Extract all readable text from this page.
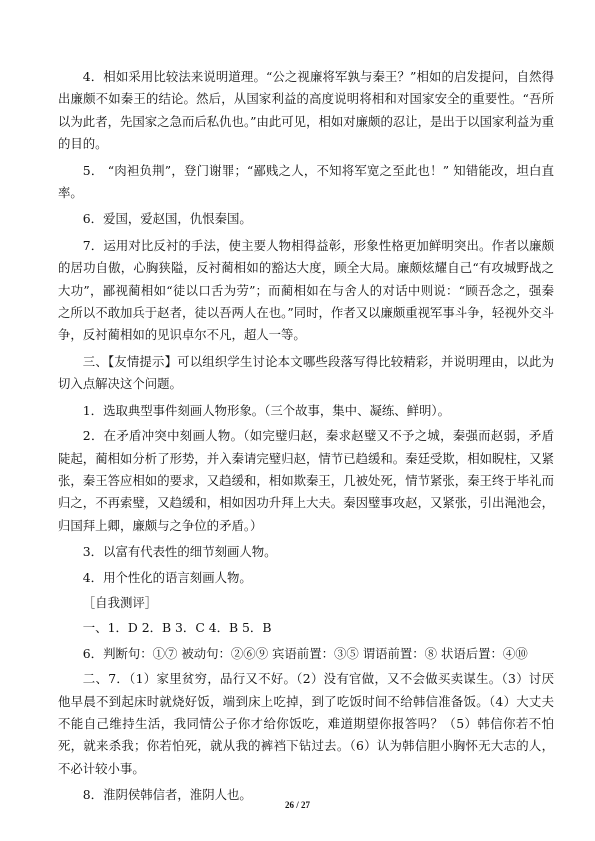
4．相如采用比较法来说明道理。“公之视廉将军孰与秦王？”相如的启发提问，自然得出廉颇不如秦王的结论。然后，从国家利益的高度说明将相和对国家安全的重要性。“吾所以为此者，先国家之急而后私仇也。”由此可见，相如对廉颇的忍让，是出于以国家利益为重的目的。

5． “肉袒负荆”，登门谢罪；“鄙贱之人，不知将军宽之至此也！” 知错能改，坦白直率。

6．爱国，爱赵国，仇恨秦国。

7．运用对比反衬的手法，使主要人物相得益彰，形象性格更加鲜明突出。作者以廉颇的居功自傲，心胸狭隘，反衬蔺相如的豁达大度，顾全大局。廉颇炫耀自己“有攻城野战之大功”，鄙视蔺相如“徒以口舌为劳”；而蔺相如在与舍人的对话中则说：“顾吾念之，强秦之所以不敢加兵于赵者，徒以吾两人在也。”同时，作者又以廉颇重视军事斗争，轻视外交斗争，反衬蔺相如的见识卓尔不凡，超人一等。

三、【友情提示】可以组织学生讨论本文哪些段落写得比较精彩，并说明理由，以此为切入点解决这个问题。

1．选取典型事件刻画人物形象。（三个故事，集中、凝练、鲜明）。

2．在矛盾冲突中刻画人物。（如完璧归赵，秦求赵璧又不予之城，秦强而赵弱，矛盾陡起，蔺相如分析了形势，并入秦请完璧归赵，情节已趋缓和。秦廷受欺，相如睨柱，又紧张，秦王答应相如的要求，又趋缓和，相如欺秦王，几被处死，情节紧张，秦王终于毕礼而归之，不再索璧，又趋缓和，相如因功升拜上大夫。秦因璧事攻赵，又紧张，引出渑池会，归国拜上卿，廉颇与之争位的矛盾。）

3．以富有代表性的细节刻画人物。

4．用个性化的语言刻画人物。

［自我测评］

一、1．D 2．B 3．C 4．B 5．B

6．判断句：①⑦ 被动句：②⑥⑨ 宾语前置：③⑤ 谓语前置：⑧ 状语后置：④⑩

二、7．（1）家里贫穷，品行又不好。（2）没有官做，又不会做买卖谋生。（3）讨厌他早晨不到起床时就烧好饭，端到床上吃掉，到了吃饭时间不给韩信准备饭。（4）大丈夫不能自己维持生活，我同情公子你才给你饭吃，难道期望你报答吗？（5）韩信你若不怕死，就来杀我；你若怕死，就从我的裤裆下钻过去。（6）认为韩信胆小胸怀无大志的人，不必计较小事。

8．淮阴侯韩信者，淮阴人也。

26 / 27
